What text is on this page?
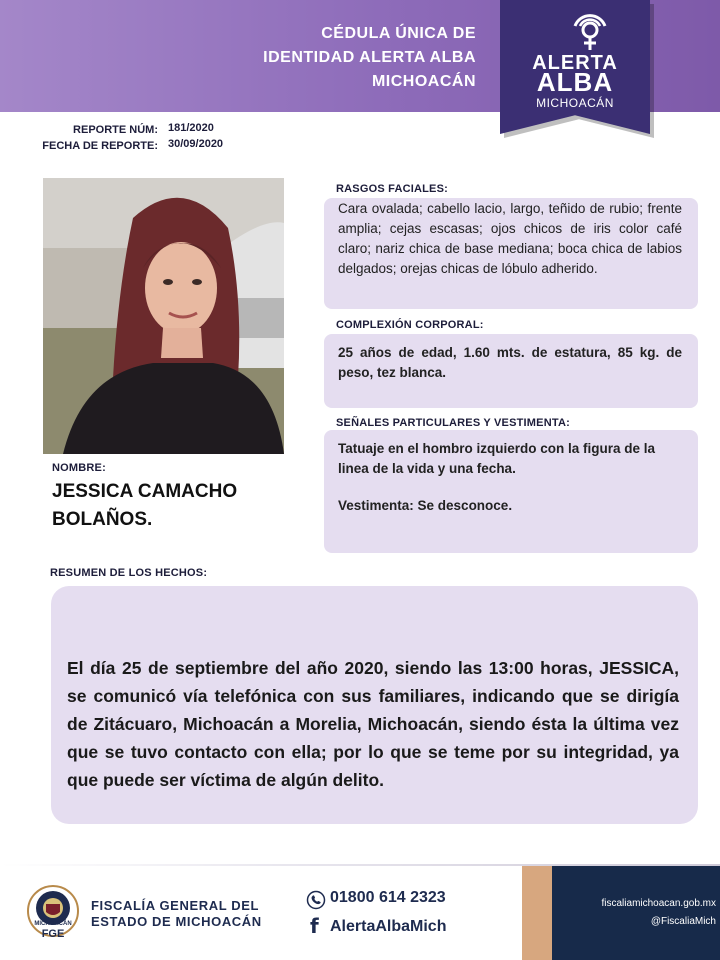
CÉDULA ÚNICA DE
IDENTIDAD ALERTA ALBA
MICHOACÁN
ALERTA
ALBA
MICHOACÁN
REPORTE NÚM: 181/2020
FECHA DE REPORTE: 30/09/2020
NOMBRE:
JESSICA CAMACHO
BOLAÑOS.
RASGOS FACIALES:
Cara ovalada; cabello lacio, largo, teñido de rubio; frente amplia; cejas escasas; ojos chicos de iris color café claro; nariz chica de base mediana; boca chica de labios delgados; orejas chicas de lóbulo adherido.
COMPLEXIÓN CORPORAL:
25 años de edad, 1.60 mts. de estatura, 85 kg. de peso, tez blanca.
SEÑALES PARTICULARES Y VESTIMENTA:
Tatuaje en el hombro izquierdo con la figura de la linea de la vida y una fecha.
Vestimenta: Se desconoce.
RESUMEN DE LOS HECHOS:
El día 25 de septiembre del año 2020, siendo las 13:00 horas, JESSICA, se comunicó vía telefónica con sus familiares, indicando que se dirigía de Zitácuaro, Michoacán a Morelia, Michoacán, siendo ésta la última vez que se tuvo contacto con ella; por lo que se teme por su integridad, ya que puede ser víctima de algún delito.
MICHOACÁN
FGE
FISCALÍA GENERAL DEL
ESTADO DE MICHOACÁN
01800 614 2323
f AlertaAlbaMich
fiscaliamichoacan.gob.mx
@FiscaliaMich
